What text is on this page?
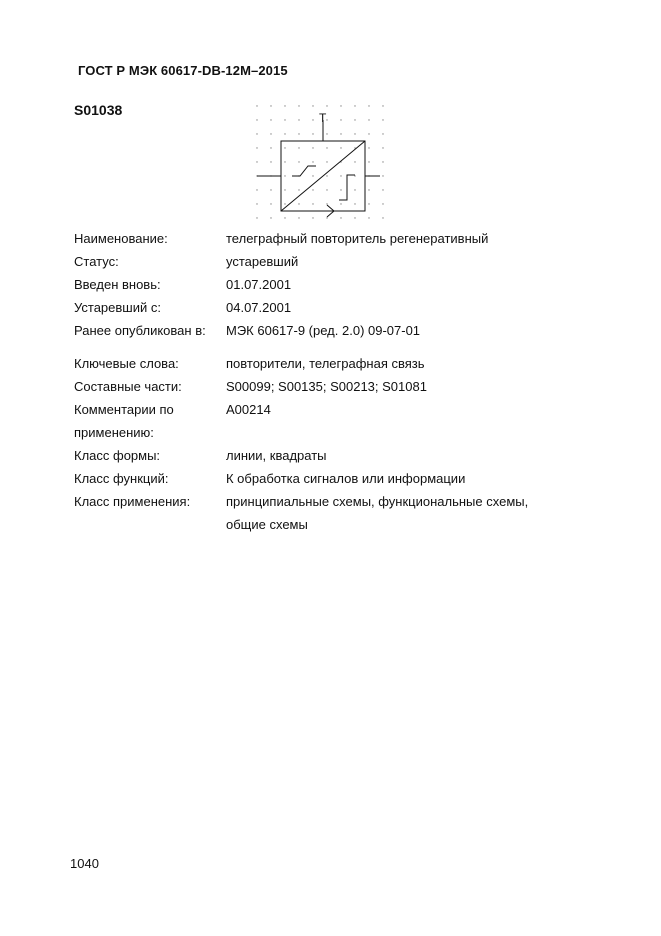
ГОСТ Р МЭК 60617-DB-12M–2015
S01038	T
Наименование:	телеграфный повторитель регенеративный
Статус:	устаревший
Введен вновь:	01.07.2001
Устаревший с:	04.07.2001
Ранее опубликован в:	МЭК 60617-9 (ред. 2.0) 09-07-01
Ключевые слова:	повторители, телеграфная связь
Составные части:	S00099; S00135; S00213; S01081
Комментарии по	A00214
применению:
Класс формы:	линии, квадраты
Класс функций:	К обработка сигналов или информации
Класс применения:	принципиальные схемы, функциональные схемы,
общие схемы
1040
